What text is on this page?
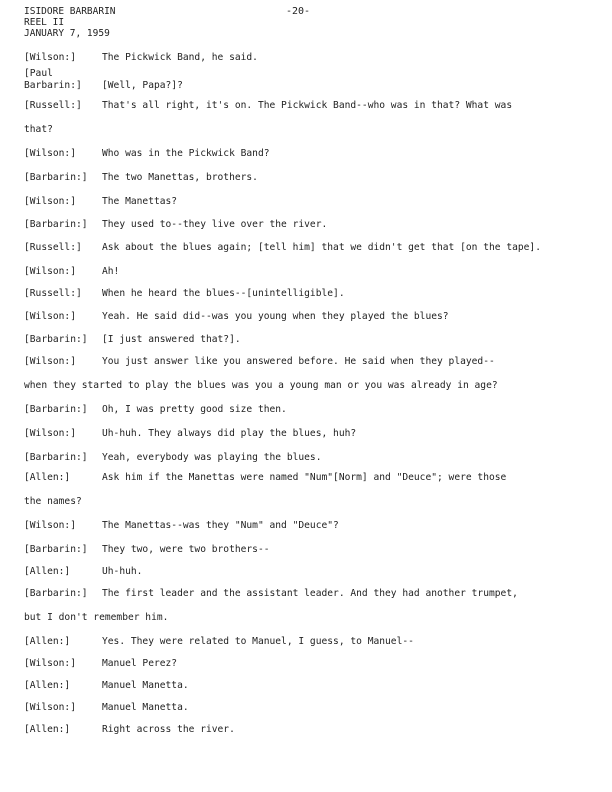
ISIDORE BARBARIN
REEL II
JANUARY 7, 1959
-20-
[Wilson:]	The Pickwick Band, he said.
[Paul
Barbarin:]	[Well, Papa?]?
[Russell:]	That's all right, it's on. The Pickwick Band--who was in that? What was
that?
[Wilson:]	Who was in the Pickwick Band?
[Barbarin:]	The two Manettas, brothers.
[Wilson:]	The Manettas?
[Barbarin:]	They used to--they live over the river.
[Russell:]	Ask about the blues again; [tell him] that we didn't get that [on the tape].
[Wilson:]	Ah!
[Russell:]	When he heard the blues--[unintelligible].
[Wilson:]	Yeah. He said did--was you young when they played the blues?
[Barbarin:]	[I just answered that?].
[Wilson:]	You just answer like you answered before. He said when they played--
when they started to play the blues was you a young man or you was already in age?
[Barbarin:]	Oh, I was pretty good size then.
[Wilson:]	Uh-huh. They always did play the blues, huh?
[Barbarin:]	Yeah, everybody was playing the blues.
[Allen:]	Ask him if the Manettas were named "Num"[Norm] and "Deuce"; were those
the names?
[Wilson:]	The Manettas--was they "Num" and "Deuce"?
[Barbarin:]	They two, were two brothers--
[Allen:]	Uh-huh.
[Barbarin:]	The first leader and the assistant leader. And they had another trumpet,
but I don't remember him.
[Allen:]	Yes. They were related to Manuel, I guess, to Manuel--
[Wilson:]	Manuel Perez?
[Allen:]	Manuel Manetta.
[Wilson:]	Manuel Manetta.
[Allen:]	Right across the river.
